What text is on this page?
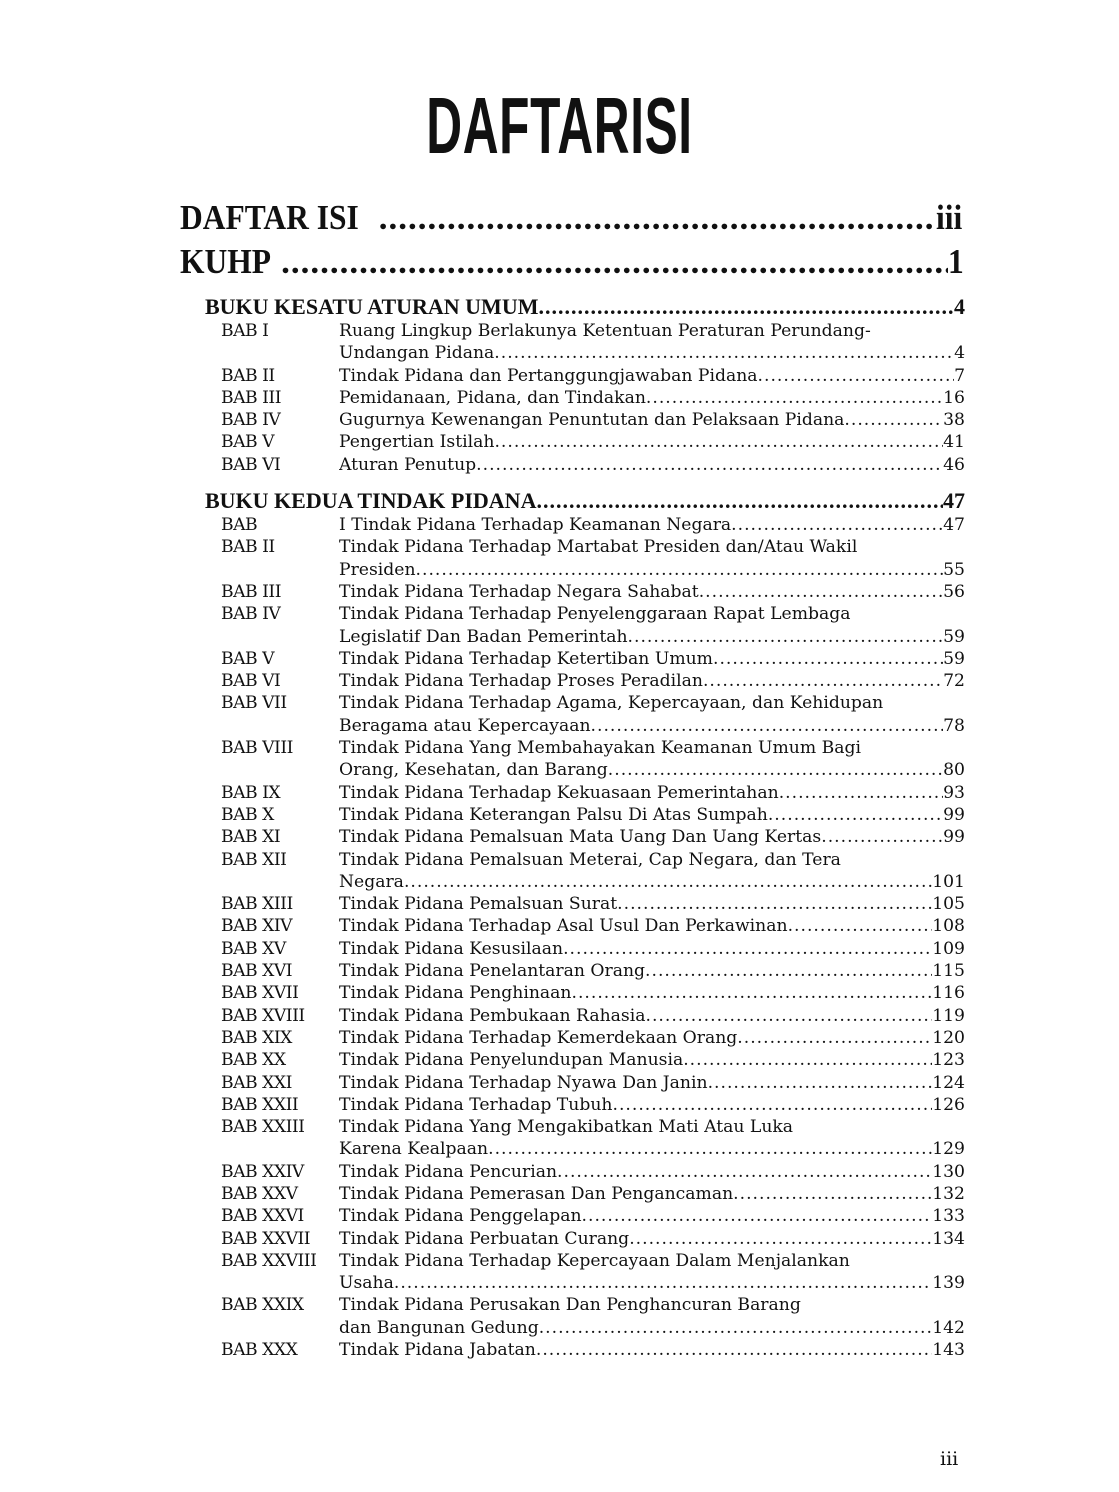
DAFTARISI
DAFTAR ISI .....	iii
KUHP .....	1
BUKU KESATU ATURAN UMUM .....	4
BAB I	Ruang Lingkup Berlakunya Ketentuan Peraturan Perundang-
Undangan Pidana .....	4
BAB II	Tindak Pidana dan Pertanggungjawaban Pidana .....	7
BAB III	Pemidanaan, Pidana, dan Tindakan .....	16
BAB IV	Gugurnya Kewenangan Penuntutan dan Pelaksaan Pidana .....	38
BAB V	Pengertian Istilah .....	41
BAB VI	Aturan Penutup .....	46
BUKU KEDUA TINDAK PIDANA .....	47
BAB	I Tindak Pidana Terhadap Keamanan Negara .....	47
BAB II	Tindak Pidana Terhadap Martabat Presiden dan/Atau Wakil
Presiden .....	55
BAB III	Tindak Pidana Terhadap Negara Sahabat .....	56
BAB IV	Tindak Pidana Terhadap Penyelenggaraan Rapat Lembaga
Legislatif Dan Badan Pemerintah .....	59
BAB V	Tindak Pidana Terhadap Ketertiban Umum .....	59
BAB VI	Tindak Pidana Terhadap Proses Peradilan .....	72
BAB VII	Tindak Pidana Terhadap Agama, Kepercayaan, dan Kehidupan
Beragama atau Kepercayaan .....	78
BAB VIII	Tindak Pidana Yang Membahayakan Keamanan Umum Bagi
Orang, Kesehatan, dan Barang .....	80
BAB IX	Tindak Pidana Terhadap Kekuasaan Pemerintahan .....	93
BAB X	Tindak Pidana Keterangan Palsu Di Atas Sumpah .....	99
BAB XI	Tindak Pidana Pemalsuan Mata Uang Dan Uang Kertas .....	99
BAB XII	Tindak Pidana Pemalsuan Meterai, Cap Negara, dan Tera
Negara .....	101
BAB XIII	Tindak Pidana Pemalsuan Surat .....	105
BAB XIV	Tindak Pidana Terhadap Asal Usul Dan Perkawinan .....	108
BAB XV	Tindak Pidana Kesusilaan .....	109
BAB XVI	Tindak Pidana Penelantaran Orang .....	115
BAB XVII	Tindak Pidana Penghinaan .....	116
BAB XVIII	Tindak Pidana Pembukaan Rahasia .....	119
BAB XIX	Tindak Pidana Terhadap Kemerdekaan Orang .....	120
BAB XX	Tindak Pidana Penyelundupan Manusia .....	123
BAB XXI	Tindak Pidana Terhadap Nyawa Dan Janin .....	124
BAB XXII	Tindak Pidana Terhadap Tubuh .....	126
BAB XXIII	Tindak Pidana Yang Mengakibatkan Mati Atau Luka
Karena Kealpaan .....	129
BAB XXIV	Tindak Pidana Pencurian .....	130
BAB XXV	Tindak Pidana Pemerasan Dan Pengancaman .....	132
BAB XXVI	Tindak Pidana Penggelapan .....	133
BAB XXVII	Tindak Pidana Perbuatan Curang .....	134
BAB XXVIII	Tindak Pidana Terhadap Kepercayaan Dalam Menjalankan
Usaha .....	139
BAB XXIX	Tindak Pidana Perusakan Dan Penghancuran Barang
dan Bangunan Gedung .....	142
BAB XXX	Tindak Pidana Jabatan .....	143
iii
